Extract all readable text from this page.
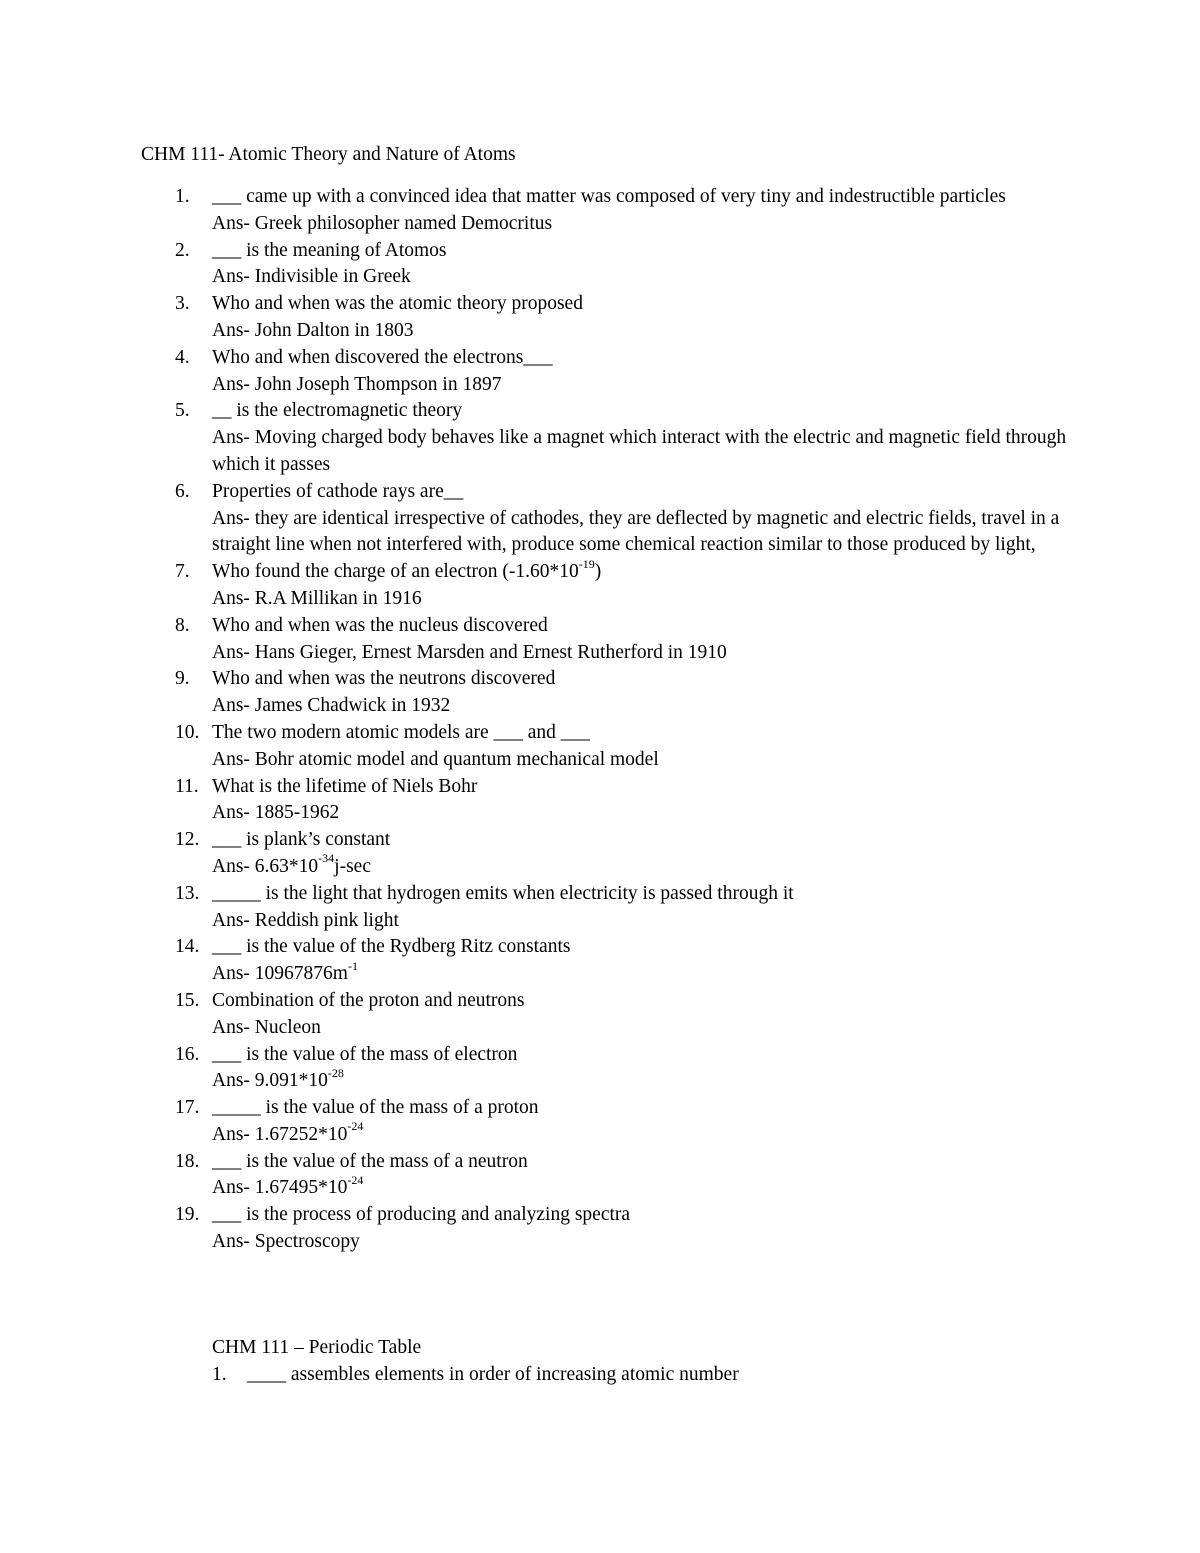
CHM 111- Atomic Theory and Nature of Atoms
1. ___ came up with a convinced idea that matter was composed of very tiny and indestructible particles
Ans- Greek philosopher named Democritus
2. ___ is the meaning of Atomos
Ans- Indivisible in Greek
3. Who and when was the atomic theory proposed
Ans- John Dalton in 1803
4. Who and when discovered the electrons___
Ans- John Joseph Thompson in 1897
5. __ is the electromagnetic theory
Ans- Moving charged body behaves like a magnet which interact with the electric and magnetic field through which it passes
6. Properties of cathode rays are__
Ans- they are identical irrespective of cathodes, they are deflected by magnetic and electric fields, travel in a straight line when not interfered with, produce some chemical reaction similar to those produced by light,
7. Who found the charge of an electron $(-1.60*10^{-19})$
Ans- R.A Millikan in 1916
8. Who and when was the nucleus discovered
Ans- Hans Gieger, Ernest Marsden and Ernest Rutherford in 1910
9. Who and when was the neutrons discovered
Ans- James Chadwick in 1932
10. The two modern atomic models are ___ and ___
Ans- Bohr atomic model and quantum mechanical model
11. What is the lifetime of Niels Bohr
Ans- 1885-1962
12. ___ is plank’s constant
Ans- $6.63*10^{-34}j-\sec$
13. _____ is the light that hydrogen emits when electricity is passed through it
Ans- Reddish pink light
14. ___ is the value of the Rydberg Ritz constants
Ans- $10967876m^{-1}$
15. Combination of the proton and neutrons
Ans- Nucleon
16. ___ is the value of the mass of electron
Ans- $9.091*10^{-28}$
17. _____ is the value of the mass of a proton
Ans- $1.67252*10^{-24}$
18. ___ is the value of the mass of a neutron
Ans- $1.67495*10^{-24}$
19. ___ is the process of producing and analyzing spectra
Ans- Spectroscopy
CHM 111 – Periodic Table
1. ____ assembles elements in order of increasing atomic number
